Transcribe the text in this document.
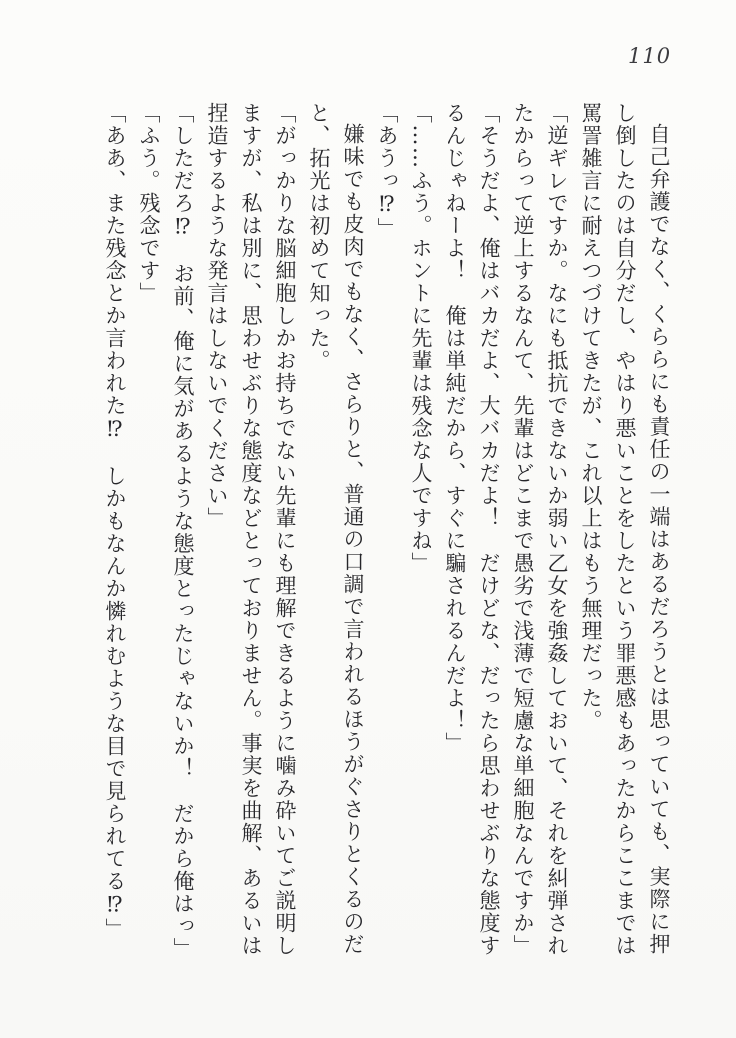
110

自己弁護でなく、くららにも責任の一端はあるだろうとは思っていても、実際に押

し倒したのは自分だし、やはり悪いことをしたという罪悪感もあったからここまでは

罵詈雑言に耐えつづけてきたが、これ以上はもう無理だった。

「逆ギレですか。なにも抵抗できないか弱い乙女を強姦しておいて、それを糾弾され

たからって逆上するなんて、先輩はどこまで愚劣で浅薄で短慮な単細胞なんですか」

「そうだよ、俺はバカだよ、大バカだよ！　だけどな、だったら思わせぶりな態度す

るんじゃねーよ！　俺は単純だから、すぐに騙されるんだよ！」

「……ふう。ホントに先輩は残念な人ですね」

「あうっ⁉」

嫌味でも皮肉でもなく、さらりと、普通の口調で言われるほうがぐさりとくるのだ

と、拓光は初めて知った。

「がっかりな脳細胞しかお持ちでない先輩にも理解できるように噛み砕いてご説明し

ますが、私は別に、思わせぶりな態度などとっておりません。事実を曲解、あるいは

捏造するような発言はしないでください」

「しただろ⁉　お前、俺に気があるような態度とったじゃないか！　だから俺はっ」

「ふう。残念です」

「ああ、また残念とか言われた⁉　しかもなんか憐れむような目で見られてる⁉」
